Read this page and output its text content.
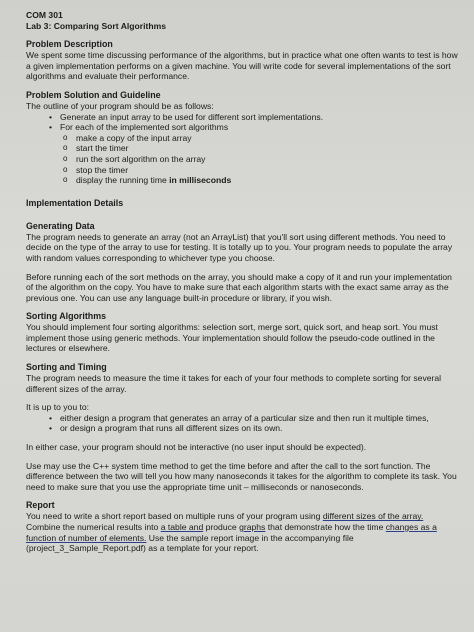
COM 301
Lab 3: Comparing Sort Algorithms
Problem Description

We spent some time discussing performance of the algorithms, but in practice what one often wants to test is how a given implementation performs on a given machine. You will write code for several implementations of the sort algorithms and evaluate their performance.

Problem Solution and Guideline

The outline of your program should be as follows:

• Generate an input array to be used for different sort implementations.
• For each of the implemented sort algorithms
o make a copy of the input array
o start the timer
o run the sort algorithm on the array
o stop the timer
o display the running time in milliseconds
Implementation Details
Generating Data

The program needs to generate an array (not an ArrayList) that you'll sort using different methods. You need to decide on the type of the array to use for testing. It is totally up to you. Your program needs to populate the array with random values corresponding to whichever type you choose.

Before running each of the sort methods on the array, you should make a copy of it and run your implementation of the algorithm on the copy. You have to make sure that each algorithm starts with the exact same array as the previous one. You can use any language built-in procedure or library, if you wish.

Sorting Algorithms

You should implement four sorting algorithms: selection sort, merge sort, quick sort, and heap sort. You must implement those using generic methods. Your implementation should follow the pseudo-code outlined in the lectures or elsewhere.

Sorting and Timing

The program needs to measure the time it takes for each of your four methods to complete sorting for several different sizes of the array.

It is up to you to:

• either design a program that generates an array of a particular size and then run it multiple times,
• or design a program that runs all different sizes on its own.

In either case, your program should not be interactive (no user input should be expected).

Use may use the C++ system time method to get the time before and after the call to the sort function. The difference between the two will tell you how many nanoseconds it takes for the algorithm to complete its task. You need to make sure that you use the appropriate time unit – milliseconds or nanoseconds.

Report

You need to write a short report based on multiple runs of your program using different sizes of the array. Combine the numerical results into a table and produce graphs that demonstrate how the time changes as a function of number of elements. Use the sample report image in the accompanying file (project_3_Sample_Report.pdf) as a template for your report.
